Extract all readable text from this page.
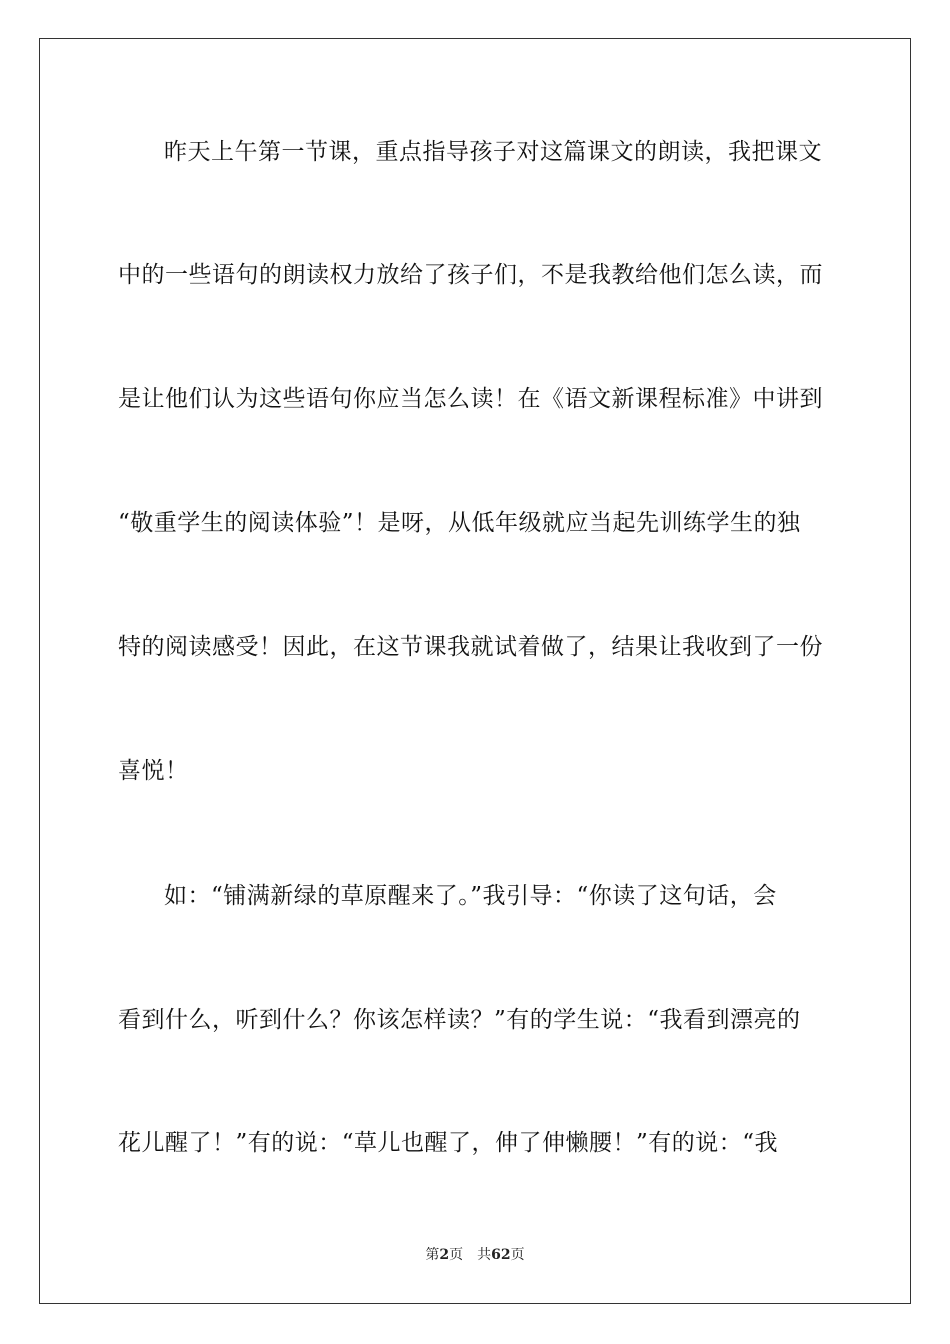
昨天上午第一节课，重点指导孩子对这篇课文的朗读，我把课文
中的一些语句的朗读权力放给了孩子们，不是我教给他们怎么读，而
是让他们认为这些语句你应当怎么读！在《语文新课程标准》中讲到
“敬重学生的阅读体验”！是呀，从低年级就应当起先训练学生的独
特的阅读感受！因此，在这节课我就试着做了，结果让我收到了一份
喜悦！
如：“铺满新绿的草原醒来了。”我引导：“你读了这句话，会
看到什么，听到什么？你该怎样读？”有的学生说：“我看到漂亮的
花儿醒了！”有的说：“草儿也醒了，伸了伸懒腰！”有的说：“我
第2页 共62页
